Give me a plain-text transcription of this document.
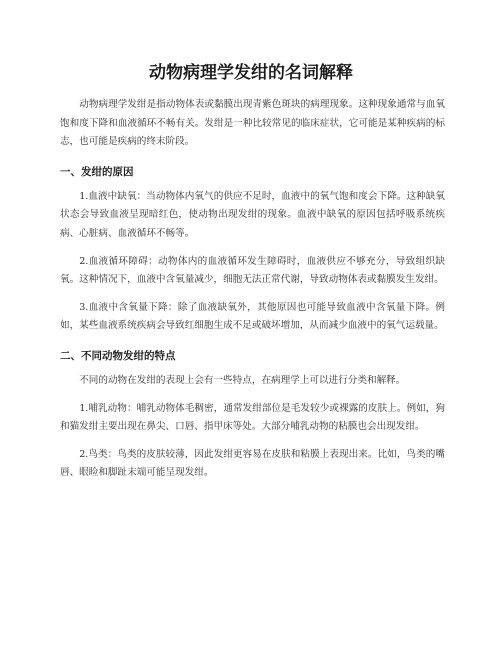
动物病理学发绀的名词解释

动物病理学发绀是指动物体表或黏膜出现青紫色斑块的病理现象。这种现象通常与血氧饱和度下降和血液循环不畅有关。发绀是一种比较常见的临床症状，它可能是某种疾病的标志，也可能是疾病的终末阶段。

一、发绀的原因

1.血液中缺氧：当动物体内氧气的供应不足时，血液中的氧气饱和度会下降。这种缺氧状态会导致血液呈现暗红色，使动物出现发绀的现象。血液中缺氧的原因包括呼吸系统疾病、心脏病、血液循环不畅等。

2.血液循环障碍：动物体内的血液循环发生障碍时，血液供应不够充分，导致组织缺氧。这种情况下，血液中含氧量减少，细胞无法正常代谢，导致动物体表或黏膜发生发绀。

3.血液中含氧量下降：除了血液缺氧外，其他原因也可能导致血液中含氧量下降。例如，某些血液系统疾病会导致红细胞生成不足或破坏增加，从而减少血液中的氧气运载量。

二、不同动物发绀的特点

不同的动物在发绀的表现上会有一些特点，在病理学上可以进行分类和解释。

1.哺乳动物：哺乳动物体毛稠密，通常发绀部位是毛发较少或裸露的皮肤上。例如，狗和猫发绀主要出现在鼻尖、口唇、指甲床等处。大部分哺乳动物的粘膜也会出现发绀。

2.鸟类：鸟类的皮肤较薄，因此发绀更容易在皮肤和粘膜上表现出来。比如，鸟类的嘴唇、眼睑和脚趾末端可能呈现发绀。
